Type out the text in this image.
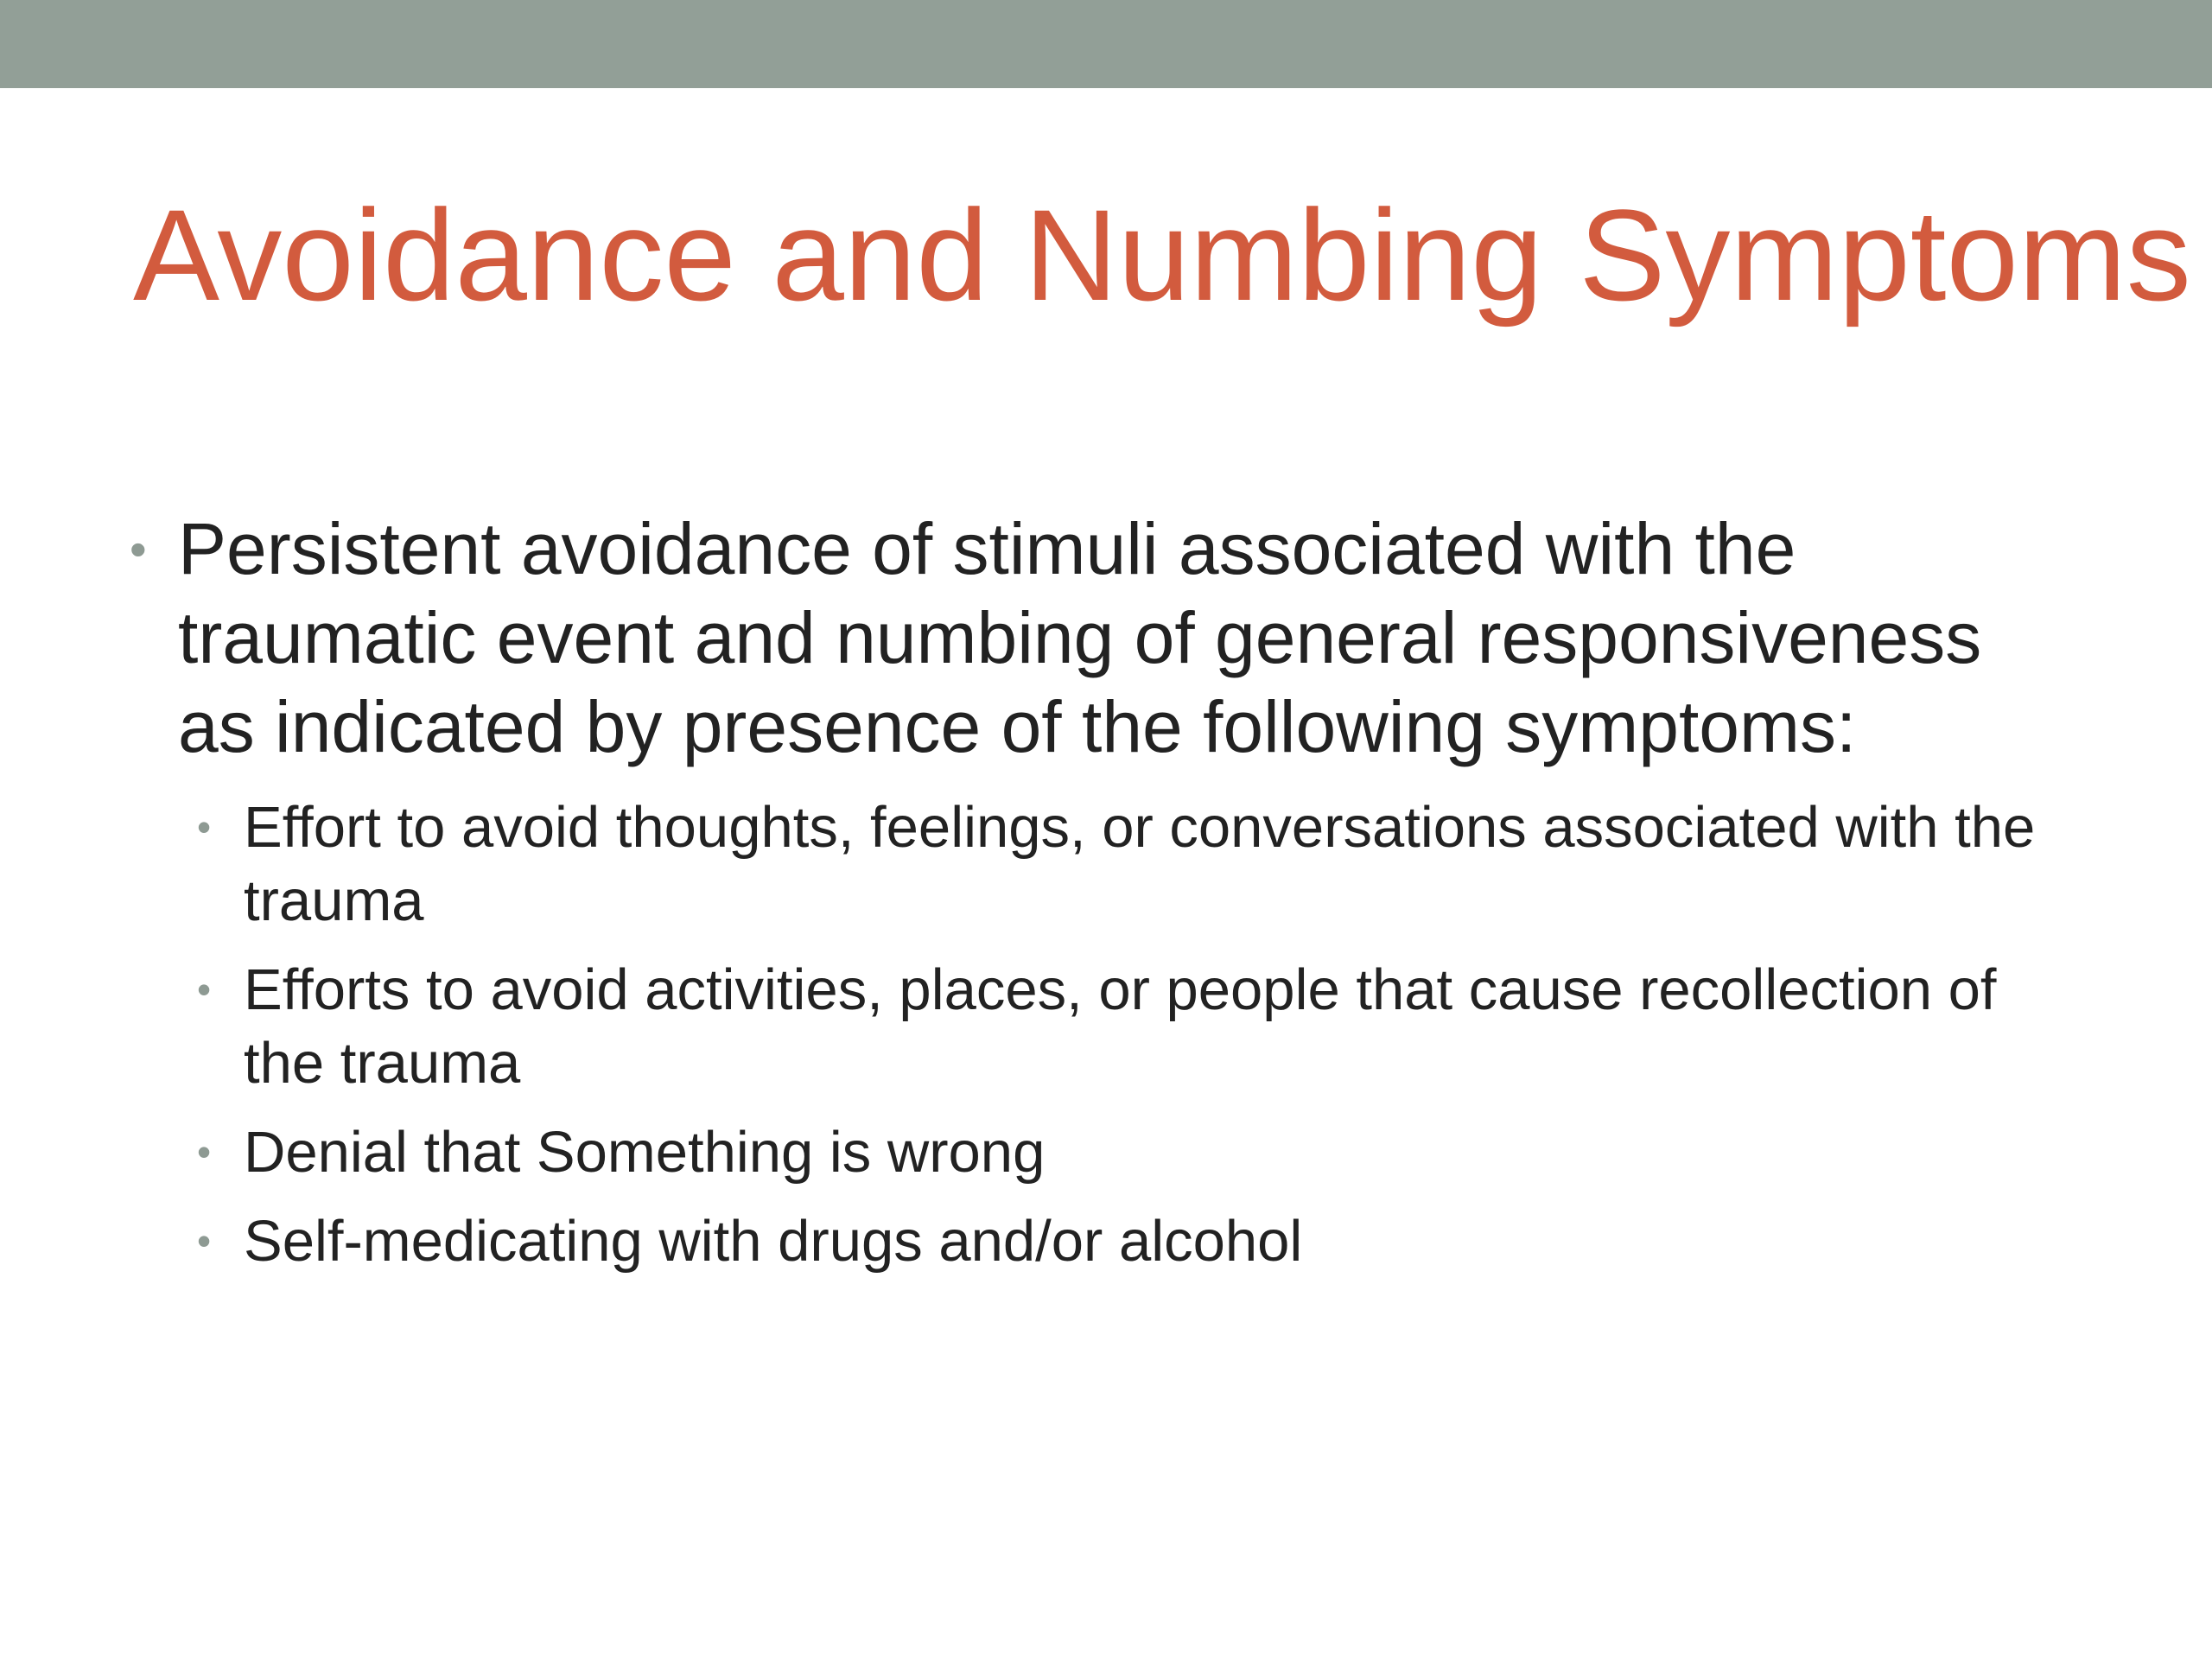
Avoidance and Numbing Symptoms
• Persistent avoidance of stimuli associated with the traumatic event and numbing of general responsiveness as indicated by presence of the following symptoms:
• Effort to avoid thoughts, feelings, or conversations associated with the trauma
• Efforts to avoid activities, places, or people that cause recollection of the trauma
• Denial that Something is wrong
• Self-medicating with drugs and/or alcohol
